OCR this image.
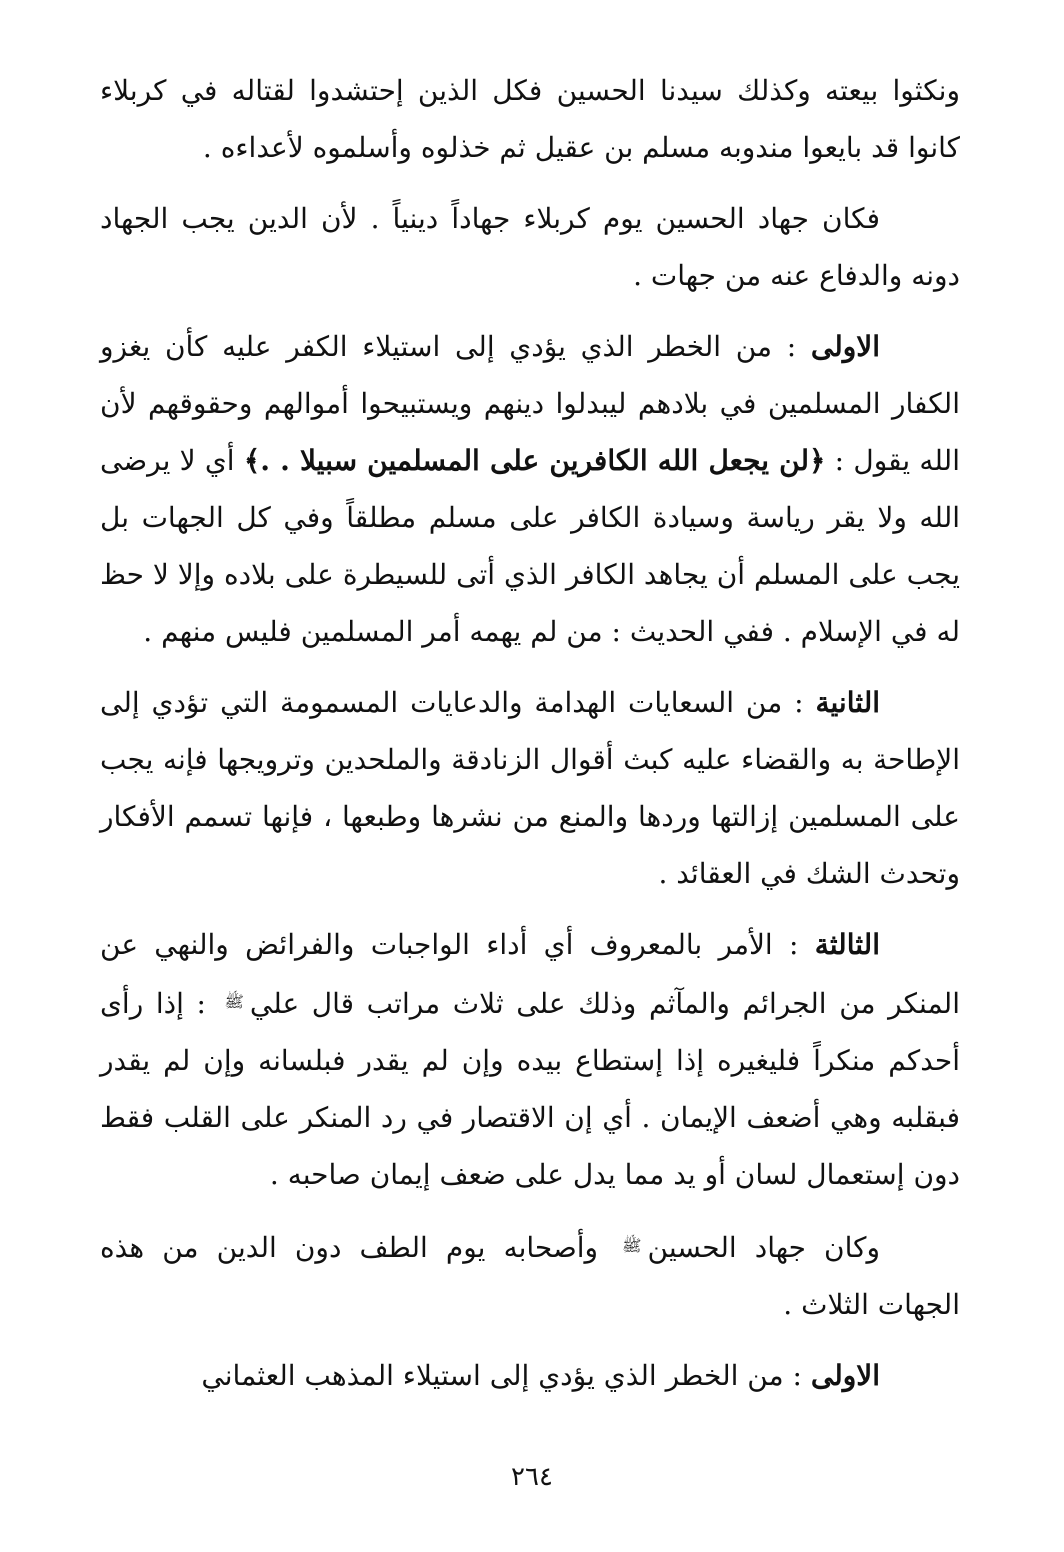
ونكثوا بيعته وكذلك سيدنا الحسين فكل الذين إحتشدوا لقتاله في كربلاء كانوا قد بايعوا مندوبه مسلم بن عقيل ثم خذلوه وأسلموه لأعداءه .

فكان جهاد الحسين يوم كربلاء جهاداً دينياً . لأن الدين يجب الجهاد دونه والدفاع عنه من جهات .

الاولى : من الخطر الذي يؤدي إلى استيلاء الكفر عليه كأن يغزو الكفار المسلمين في بلادهم ليبدلوا دينهم ويستبيحوا أموالهم وحقوقهم لأن الله يقول : ﴿لن يجعل الله الكافرين على المسلمين سبيلا . .﴾ أي لا يرضى الله ولا يقر رياسة وسيادة الكافر على مسلم مطلقاً وفي كل الجهات بل يجب على المسلم أن يجاهد الكافر الذي أتى للسيطرة على بلاده وإلا لا حظ له في الإسلام . ففي الحديث : من لم يهمه أمر المسلمين فليس منهم .

الثانية : من السعايات الهدامة والدعايات المسمومة التي تؤدي إلى الإطاحة به والقضاء عليه كبث أقوال الزنادقة والملحدين وترويجها فإنه يجب على المسلمين إزالتها وردها والمنع من نشرها وطبعها ، فإنها تسمم الأفكار وتحدث الشك في العقائد .

الثالثة : الأمر بالمعروف أي أداء الواجبات والفرائض والنهي عن المنكر من الجرائم والمآثم وذلك على ثلاث مراتب قال علي$^ﷺ$ : إذا رأى أحدكم منكراً فليغيره إذا إستطاع بيده وإن لم يقدر فبلسانه وإن لم يقدر فبقلبه وهي أضعف الإيمان . أي إن الاقتصار في رد المنكر على القلب فقط دون إستعمال لسان أو يد مما يدل على ضعف إيمان صاحبه .

وكان جهاد الحسين$^ﷺ$ وأصحابه يوم الطف دون الدين من هذه الجهات الثلاث .

الاولى : من الخطر الذي يؤدي إلى استيلاء المذهب العثماني

٢٦٤
